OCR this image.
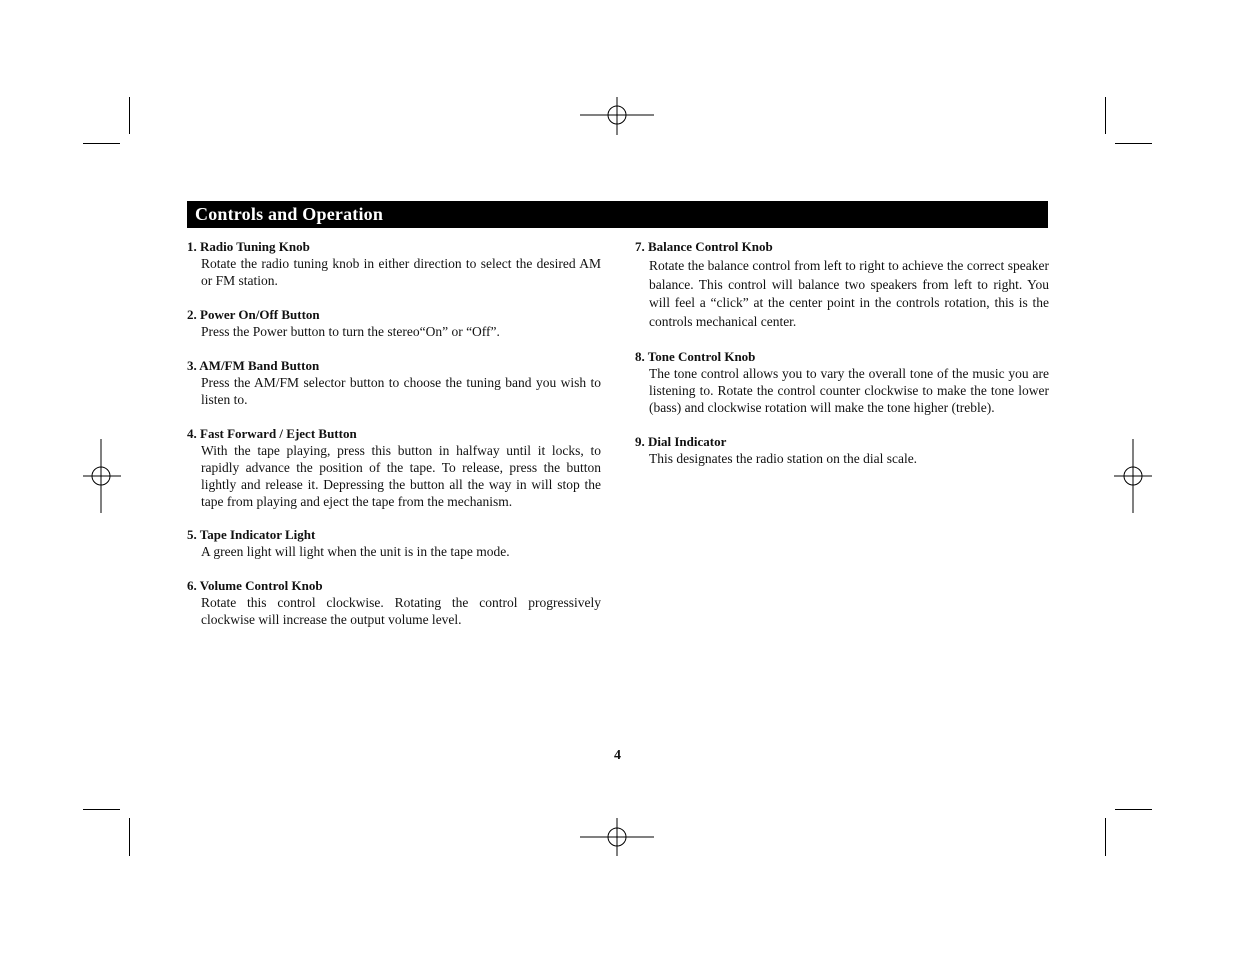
Controls and Operation

1. Radio Tuning Knob

Rotate the radio tuning knob in either direction to select the desired AM or FM station.

2. Power On/Off Button

Press the Power button to turn the stereo“On” or “Off”.

3. AM/FM Band Button

Press the AM/FM selector button to choose the tuning band you wish to listen to.

4. Fast Forward / Eject Button

With the tape playing, press this button in halfway until it locks, to rapidly advance the position of the tape. To release, press the button lightly and release it. Depressing the button all the way in will stop the tape from playing and eject the tape from the mechanism.

5. Tape Indicator Light

A green light will light when the unit is in the tape mode.

6. Volume Control Knob

Rotate this control clockwise. Rotating the control progressively clockwise will increase the output volume level.

7. Balance Control Knob

Rotate the balance control from left to right to achieve the correct speaker balance. This control will balance two speakers from left to right. You will feel a “click” at the center point in the controls rotation, this is the controls mechanical center.

8. Tone Control Knob

The tone control allows you to vary the overall tone of the music you are listening to. Rotate the control counter clockwise to make the tone lower (bass) and clockwise rotation will make the tone higher (treble).

9. Dial Indicator

This designates the radio station on the dial scale.

4
